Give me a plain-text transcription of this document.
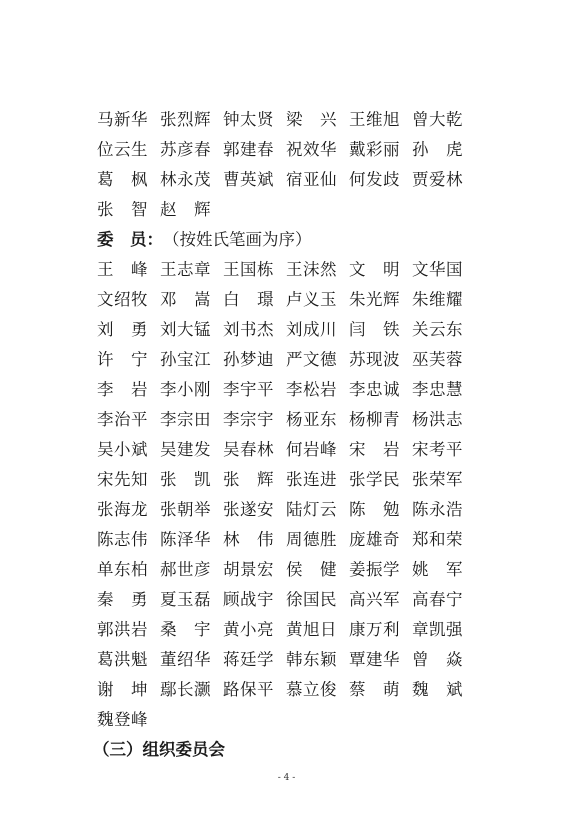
马新华 张烈辉 钟太贤 梁　兴 王维旭 曾大乾
位云生 苏彦春 郭建春 祝效华 戴彩丽 孙　虎
葛　枫 林永茂 曹英斌 宿亚仙 何发歧 贾爱林
张　智 赵　辉
委　员： （按姓氏笔画为序）
王　峰 王志章 王国栋 王沫然 文　明 文华国
文绍牧 邓　嵩 白　璟 卢义玉 朱光辉 朱维耀
刘　勇 刘大锰 刘书杰 刘成川 闫　铁 关云东
许　宁 孙宝江 孙梦迪 严文德 苏现波 巫芙蓉
李　岩 李小刚 李宇平 李松岩 李忠诚 李忠慧
李治平 李宗田 李宗宇 杨亚东 杨柳青 杨洪志
吴小斌 吴建发 吴春林 何岩峰 宋　岩 宋考平
宋先知 张　凯 张　辉 张连进 张学民 张荣军
张海龙 张朝举 张遂安 陆灯云 陈　勉 陈永浩
陈志伟 陈泽华 林　伟 周德胜 庞雄奇 郑和荣
单东柏 郝世彦 胡景宏 侯　健 姜振学 姚　军
秦　勇 夏玉磊 顾战宇 徐国民 高兴军 高春宁
郭洪岩 桑　宇 黄小亮 黄旭日 康万利 章凯强
葛洪魁 董绍华 蒋廷学 韩东颖 覃建华 曾　焱
谢　坤 鄢长灏 路保平 慕立俊 蔡　萌 魏　斌
魏登峰
（三）组织委员会
- 4 -
